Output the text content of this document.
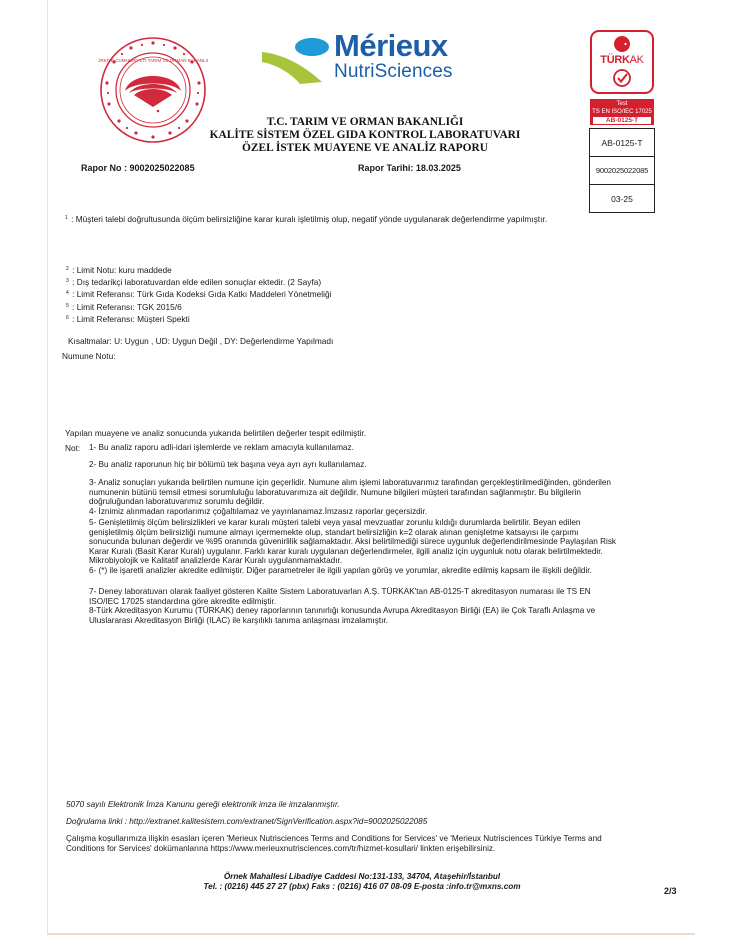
TÜRKİYE CUMHURİYETİ TARIM VE ORMAN BAKANLIĞI	Mérieux
NutriSciences
TÜRKAK
Test
TS EN ISO/IEC 17025
AB-0125-T
AB-0125-T
9002025022085
03-25
T.C. TARIM VE ORMAN BAKANLIĞI
KALİTE SİSTEM ÖZEL GIDA KONTROL LABORATUVARI
ÖZEL İSTEK MUAYENE VE ANALİZ RAPORU
Rapor No : 9002025022085	Rapor Tarihi: 18.03.2025
$^1$ : Müşteri talebi doğrultusunda ölçüm belirsizliğine karar kuralı işletilmiş olup, negatif yönde uygulanarak değerlendirme yapılmıştır.
$^2$ : Limit Notu: kuru maddede
$^3$ : Dış tedarikçi laboratuvardan elde edilen sonuçlar ektedir. (2 Sayfa)
$^4$ : Limit Referansı: Türk Gıda Kodeksi Gıda Katkı Maddeleri Yönetmeliği
$^5$ : Limit Referansı: TGK 2015/6
$^6$ : Limit Referansı: Müşteri Spekti
Kısaltmalar: U: Uygun , UD: Uygun Değil , DY: Değerlendirme Yapılmadı
Numune Notu:
Yapılan muayene ve analiz sonucunda yukarıda belirtilen değerler tespit edilmiştir.
Not: 1- Bu analiz raporu adli-idari işlemlerde ve reklam amacıyla kullanılamaz.
2- Bu analiz raporunun hiç bir bölümü tek başına veya ayrı ayrı kullanılamaz.
3- Analiz sonuçları yukarıda belirtilen numune için geçerlidir. Numune alım işlemi laboratuvarımız tarafından gerçekleştirilmediğinden, gönderilen numunenin bütünü temsil etmesi sorumluluğu laboratuvarımıza ait değildir. Numune bilgileri müşteri tarafından sağlanmıştır. Bu bilgilerin doğruluğundan laboratuvarımız sorumlu değildir.
4- İznimiz alınmadan raporlarımız çoğaltılamaz ve yayınlanamaz.İmzasız raporlar geçersizdir.
5- Genişletilmiş ölçüm belirsizlikleri ve karar kuralı müşteri talebi veya yasal mevzuatlar zorunlu kıldığı durumlarda belirtilir. Beyan edilen genişletilmiş ölçüm belirsizliği numune almayı içermemekte olup, standart belirsizliğin k=2 olarak alınan genişletme katsayısı ile çarpımı sonucunda bulunan değerdir ve %95 oranında güvenirlilik sağlamaktadır. Aksi belirtilmediği sürece uygunluk değerlendirilmesinde Paylaşılan Risk Karar Kuralı (Basit Karar Kuralı) uygulanır. Farklı karar kuralı uygulanan değerlendirmeler, ilgili analiz için uygunluk notu olarak belirtilmektedir. Mikrobiyolojik ve Kalitatif analizlerde Karar Kuralı uygulanmamaktadır.
6- (*) ile işaretli analizler akredite edilmiştir. Diğer parametreler ile ilgili yapılan görüş ve yorumlar, akredite edilmiş kapsam ile ilişkili değildir.
7- Deney laboratuvarı olarak faaliyet gösteren Kalite Sistem Laboratuvarları A.Ş. TÜRKAK'tan AB-0125-T akreditasyon numarası ile TS EN ISO/IEC 17025 standardına göre akredite edilmiştir.
8-Türk Akreditasyon Kurumu (TÜRKAK) deney raporlarının tanınırlığı konusunda Avrupa Akreditasyon Birliği (EA) ile Çok Taraflı Anlaşma ve Uluslararası Akreditasyon Birliği (ILAC) ile karşılıklı tanıma anlaşması imzalamıştır.
5070 sayılı Elektronik İmza Kanunu gereği elektronik imza ile imzalanmıştır.
Doğrulama linki : http://extranet.kalitesistem.com/extranet/SignVerification.aspx?id=9002025022085
Çalışma koşullarımıza ilişkin esasları içeren 'Merieux Nutrisciences Terms and Conditions for Services' ve 'Merieux Nutrisciences Türkiye Terms and Conditions for Services' dokümanlarına https://www.merieuxnutrisciences.com/tr/hizmet-kosullari/ linkten erişebilirsiniz.
Örnek Mahallesi Libadiye Caddesi No:131-133, 34704, Ataşehir/İstanbul
Tel. : (0216) 445 27 27 (pbx) Faks : (0216) 416 07 08-09 E-posta :info.tr@mxns.com	2/3
